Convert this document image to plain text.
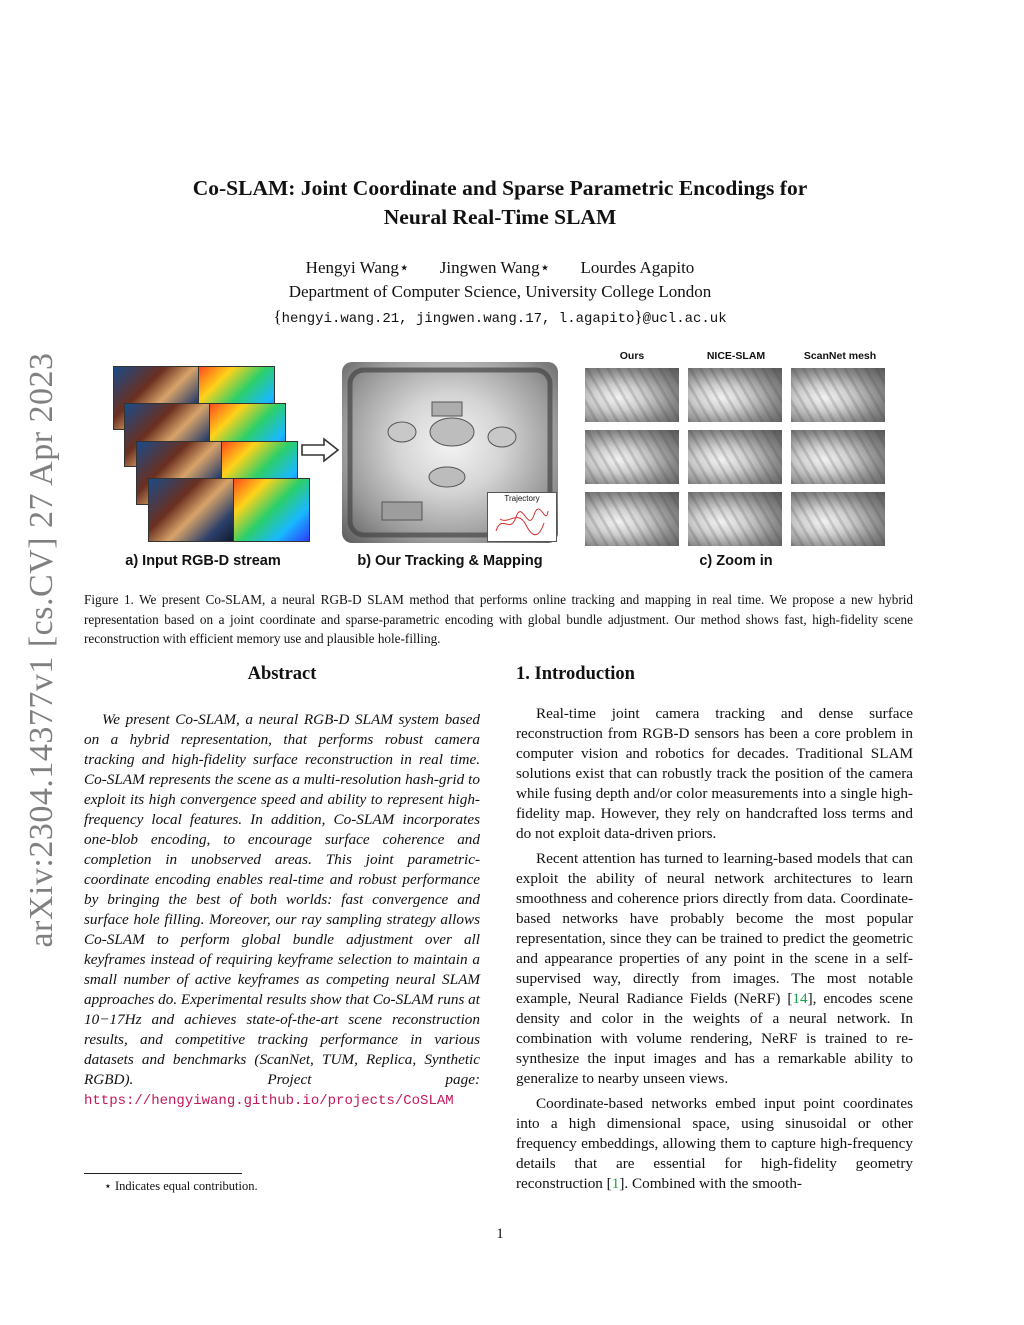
arXiv:2304.14377v1 [cs.CV] 27 Apr 2023
Co-SLAM: Joint Coordinate and Sparse Parametric Encodings for
Neural Real-Time SLAM
Hengyi Wang⋆ Jingwen Wang⋆ Lourdes Agapito
Department of Computer Science, University College London
{hengyi.wang.21, jingwen.wang.17, l.agapito}@ucl.ac.uk
Trajectory
Ours	NICE-SLAM	ScanNet mesh
a) Input RGB-D stream	b) Our Tracking & Mapping	c) Zoom in
Figure 1. We present Co-SLAM, a neural RGB-D SLAM method that performs online tracking and mapping in real time. We propose a new hybrid representation based on a joint coordinate and sparse-parametric encoding with global bundle adjustment. Our method shows fast, high-fidelity scene reconstruction with efficient memory use and plausible hole-filling.
Abstract
We present Co-SLAM, a neural RGB-D SLAM system based on a hybrid representation, that performs robust camera tracking and high-fidelity surface reconstruction in real time. Co-SLAM represents the scene as a multi-resolution hash-grid to exploit its high convergence speed and ability to represent high-frequency local features. In addition, Co-SLAM incorporates one-blob encoding, to encourage surface coherence and completion in unobserved areas. This joint parametric-coordinate encoding enables real-time and robust performance by bringing the best of both worlds: fast convergence and surface hole filling. Moreover, our ray sampling strategy allows Co-SLAM to perform global bundle adjustment over all keyframes instead of requiring keyframe selection to maintain a small number of active keyframes as competing neural SLAM approaches do. Experimental results show that Co-SLAM runs at 10−17Hz and achieves state-of-the-art scene reconstruction results, and competitive tracking performance in various datasets and benchmarks (ScanNet, TUM, Replica, Synthetic RGBD). Project page: https://hengyiwang.github.io/projects/CoSLAM
⋆ Indicates equal contribution.
1. Introduction

Real-time joint camera tracking and dense surface reconstruction from RGB-D sensors has been a core problem in computer vision and robotics for decades. Traditional SLAM solutions exist that can robustly track the position of the camera while fusing depth and/or color measurements into a single high-fidelity map. However, they rely on handcrafted loss terms and do not exploit data-driven priors.

Recent attention has turned to learning-based models that can exploit the ability of neural network architectures to learn smoothness and coherence priors directly from data. Coordinate-based networks have probably become the most popular representation, since they can be trained to predict the geometric and appearance properties of any point in the scene in a self-supervised way, directly from images. The most notable example, Neural Radiance Fields (NeRF) [14], encodes scene density and color in the weights of a neural network. In combination with volume rendering, NeRF is trained to re-synthesize the input images and has a remarkable ability to generalize to nearby unseen views.

Coordinate-based networks embed input point coordinates into a high dimensional space, using sinusoidal or other frequency embeddings, allowing them to capture high-frequency details that are essential for high-fidelity geometry reconstruction [1]. Combined with the smooth-

1
